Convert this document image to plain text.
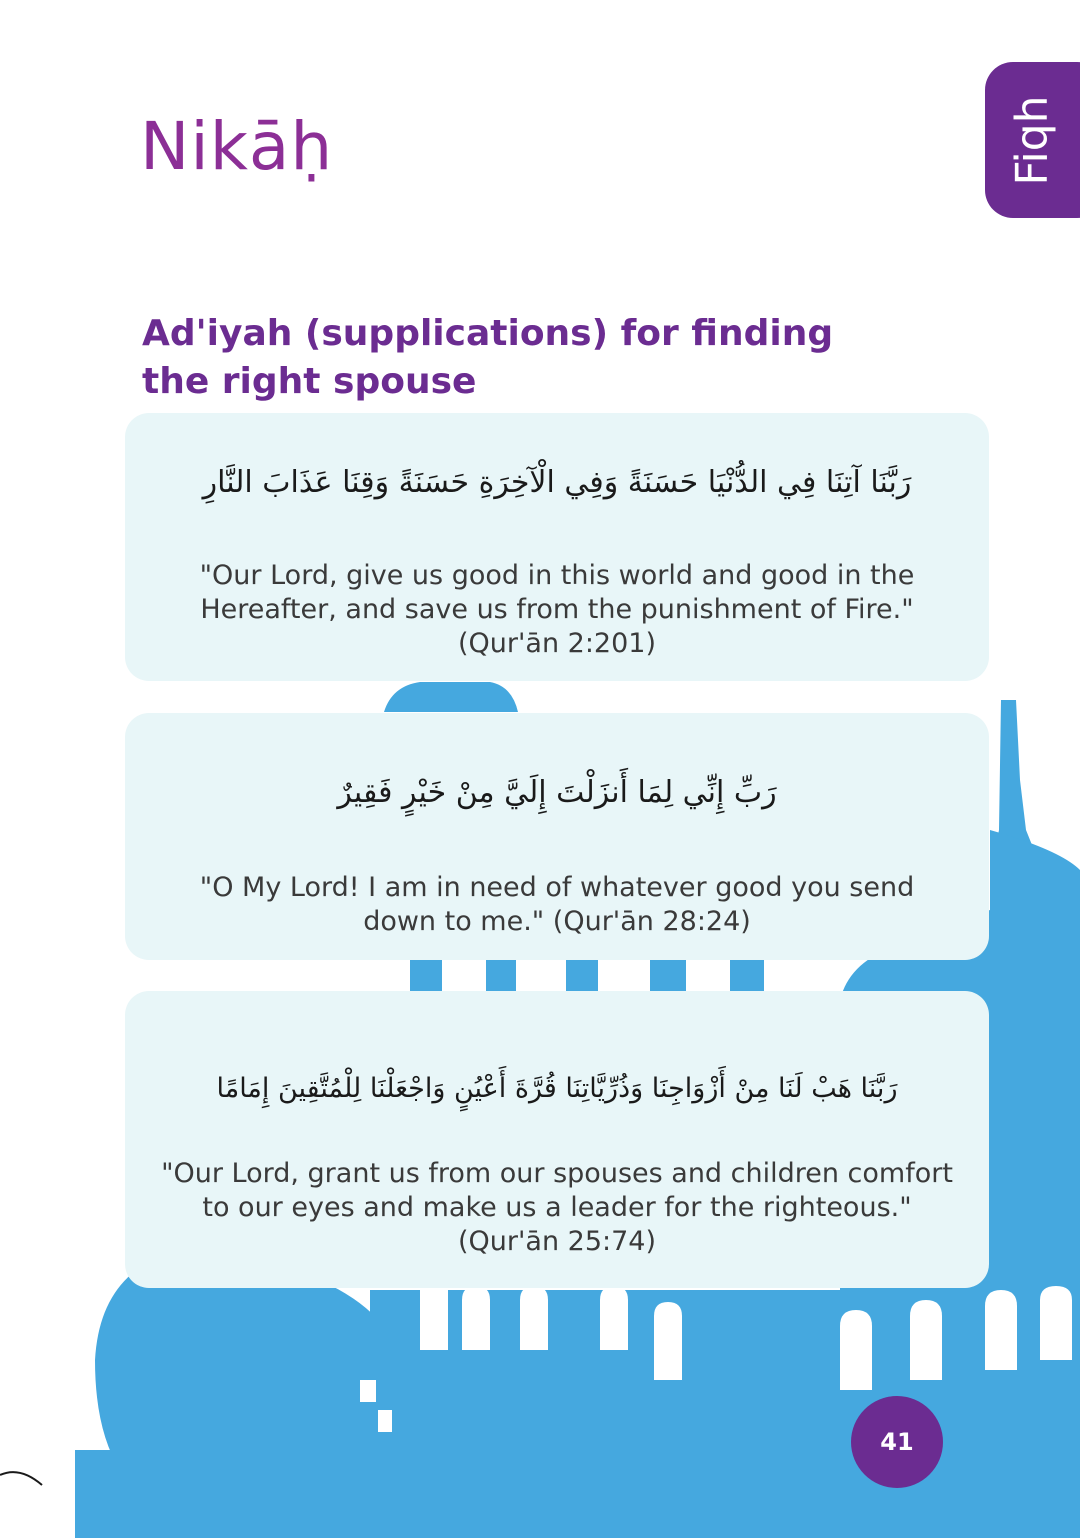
Nikāḥ	Fiqh
Ad'iyah (supplications) for finding
the right spouse
رَبَّنَا آتِنَا فِي الدُّنْيَا حَسَنَةً وَفِي الْآخِرَةِ حَسَنَةً وَقِنَا عَذَابَ النَّارِ
"Our Lord, give us good in this world and good in the Hereafter, and save us from the punishment of Fire." (Qur'ān 2:201)
رَبِّ إِنِّي لِمَا أَنزَلْتَ إِلَيَّ مِنْ خَيْرٍ فَقِيرٌ
"O My Lord! I am in need of whatever good you send down to me." (Qur'ān 28:24)
رَبَّنَا هَبْ لَنَا مِنْ أَزْوَاجِنَا وَذُرِّيَّاتِنَا قُرَّةَ أَعْيُنٍ وَاجْعَلْنَا لِلْمُتَّقِينَ إِمَامًا
"Our Lord, grant us from our spouses and children comfort to our eyes and make us a leader for the righteous." (Qur'ān 25:74)
41
